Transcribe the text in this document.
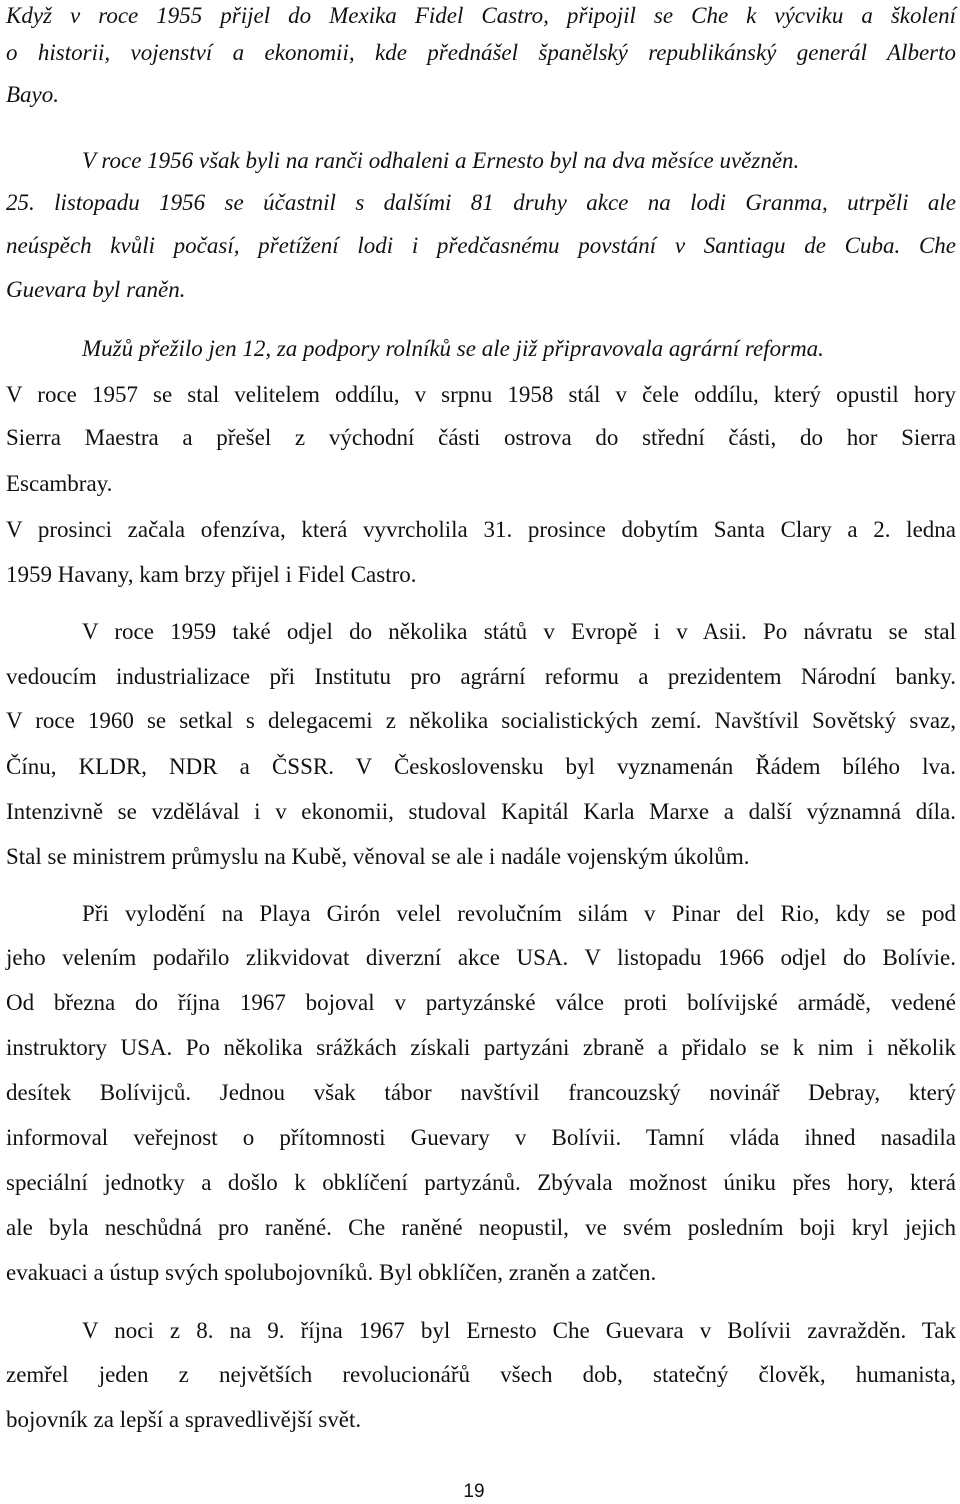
Když v roce 1955 přijel do Mexika Fidel Castro, připojil se Che k výcviku a školení
o historii, vojenství a ekonomii, kde přednášel španělský republikánský generál Alberto
Bayo.
V roce 1956 však byli na ranči odhaleni a Ernesto byl na dva měsíce uvězněn.
25. listopadu 1956 se účastnil s dalšími 81 druhy akce na lodi Granma, utrpěli ale
neúspěch kvůli počasí, přetížení lodi i předčasnému povstání v Santiagu de Cuba. Che
Guevara byl raněn.
Mužů přežilo jen 12, za podpory rolníků se ale již připravovala agrární reforma.
V roce 1957 se stal velitelem oddílu, v srpnu 1958 stál v čele oddílu, který opustil hory
Sierra Maestra a přešel z východní části ostrova do střední části, do hor Sierra
Escambray.
V prosinci začala ofenzíva, která vyvrcholila 31. prosince dobytím Santa Clary a 2. ledna
1959 Havany, kam brzy přijel i Fidel Castro.
V roce 1959 také odjel do několika států v Evropě i v Asii. Po návratu se stal
vedoucím industrializace při Institutu pro agrární reformu a prezidentem Národní banky.
V roce 1960 se setkal s delegacemi z několika socialistických zemí. Navštívil Sovětský svaz,
Čínu, KLDR, NDR a ČSSR. V Československu byl vyznamenán Řádem bílého lva.
Intenzivně se vzdělával i v ekonomii, studoval Kapitál Karla Marxe a další významná díla.
Stal se ministrem průmyslu na Kubě, věnoval se ale i nadále vojenským úkolům.
Při vylodění na Playa Girón velel revolučním silám v Pinar del Rio, kdy se pod
jeho velením podařilo zlikvidovat diverzní akce USA. V listopadu 1966 odjel do Bolívie.
Od března do října 1967 bojoval v partyzánské válce proti bolívijské armádě, vedené
instruktory USA. Po několika srážkách získali partyzáni zbraně a přidalo se k nim i několik
desítek Bolívijců. Jednou však tábor navštívil francouzský novinář Debray, který
informoval veřejnost o přítomnosti Guevary v Bolívii. Tamní vláda ihned nasadila
speciální jednotky a došlo k obklíčení partyzánů. Zbývala možnost úniku přes hory, která
ale byla neschůdná pro raněné. Che raněné neopustil, ve svém posledním boji kryl jejich
evakuaci a ústup svých spolubojovníků. Byl obklíčen, zraněn a zatčen.
V noci z 8. na 9. října 1967 byl Ernesto Che Guevara v Bolívii zavražděn. Tak
zemřel jeden z největších revolucionářů všech dob, statečný člověk, humanista,
bojovník za lepší a spravedlivější svět.
19
